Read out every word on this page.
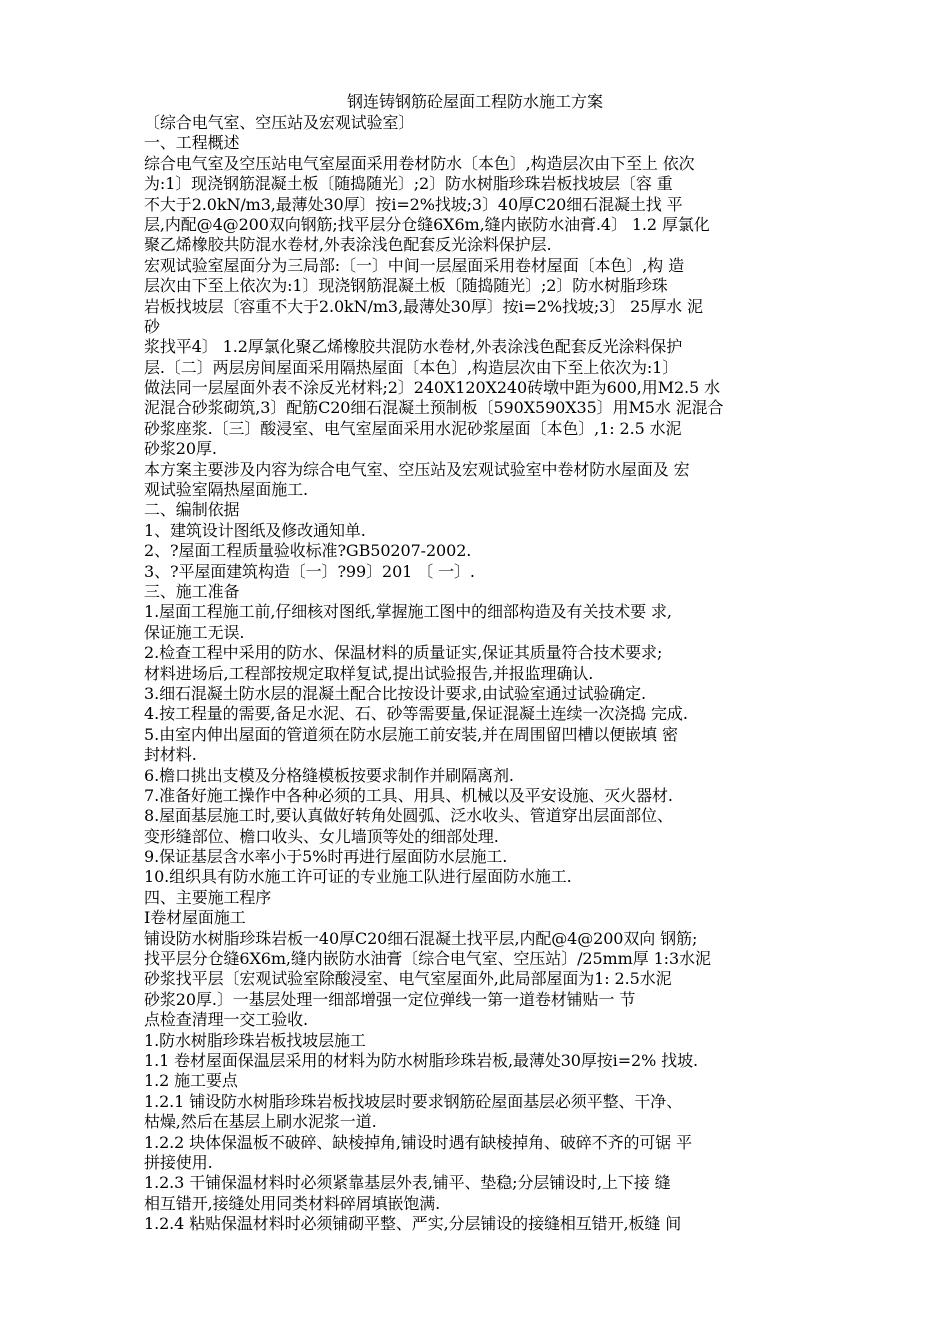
钢连铸钢筋砼屋面工程防水施工方案
〔综合电气室、空压站及宏观试验室〕
一、工程概述
综合电气室及空压站电气室屋面采用卷材防水〔本色〕,构造层次由下至上 依次
为:1〕现浇钢筋混凝土板〔随捣随光〕;2〕防水树脂珍珠岩板找坡层〔容 重
不大于2.0kN/m3,最薄处30厚〕按i=2%找坡;3〕40厚C20细石混凝土找 平
层,内配@4@200双向钢筋;找平层分仓缝6X6m,缝内嵌防水油膏.4〕 1.2 厚氯化
聚乙烯橡胶共防混水卷材,外表涂浅色配套反光涂料保护层.
宏观试验室屋面分为三局部:〔一〕中间一层屋面采用卷材屋面〔本色〕,构 造
层次由下至上依次为:1〕现浇钢筋混凝土板〔随捣随光〕;2〕防水树脂珍珠
岩板找坡层〔容重不大于2.0kN/m3,最薄处30厚〕按i=2%找坡;3〕 25厚水 泥
砂
浆找平4〕 1.2厚氯化聚乙烯橡胶共混防水卷材,外表涂浅色配套反光涂料保护
层.〔二〕两层房间屋面采用隔热屋面〔本色〕,构造层次由下至上依次为:1〕
做法同一层屋面外表不涂反光材料;2〕240X120X240砖墩中距为600,用M2.5 水
泥混合砂浆砌筑,3〕配筋C20细石混凝土预制板〔590X590X35〕用M5水 泥混合
砂浆座浆.〔三〕酸浸室、电气室屋面采用水泥砂浆屋面〔本色〕,1: 2.5 水泥
砂浆20厚.
本方案主要涉及内容为综合电气室、空压站及宏观试验室中卷材防水屋面及 宏
观试验室隔热屋面施工.
二、编制依据
1、建筑设计图纸及修改通知单.
2、?屋面工程质量验收标准?GB50207-2002.
3、?平屋面建筑构造〔一〕?99〕201 〔 一〕.
三、施工准备
1.屋面工程施工前,仔细核对图纸,掌握施工图中的细部构造及有关技术要 求,
保证施工无误.
2.检查工程中采用的防水、保温材料的质量证实,保证其质量符合技术要求;
材料进场后,工程部按规定取样复试,提出试验报告,并报监理确认.
3.细石混凝土防水层的混凝土配合比按设计要求,由试验室通过试验确定.
4.按工程量的需要,备足水泥、石、砂等需要量,保证混凝土连续一次浇捣 完成.
5.由室内伸出屋面的管道须在防水层施工前安装,并在周围留凹槽以便嵌填 密
封材料.
6.檐口挑出支模及分格缝模板按要求制作并刷隔离剂.
7.准备好施工操作中各种必须的工具、用具、机械以及平安设施、灭火器材.
8.屋面基层施工时,要认真做好转角处圆弧、泛水收头、管道穿出层面部位、
变形缝部位、檐口收头、女儿墙顶等处的细部处理.
9.保证基层含水率小于5%时再进行屋面防水层施工.
10.组织具有防水施工许可证的专业施工队进行屋面防水施工.
四、主要施工程序
I卷材屋面施工
铺设防水树脂珍珠岩板一40厚C20细石混凝土找平层,内配@4@200双向 钢筋;
找平层分仓缝6X6m,缝内嵌防水油膏〔综合电气室、空压站〕/25mm厚 1:3水泥
砂浆找平层〔宏观试验室除酸浸室、电气室屋面外,此局部屋面为1: 2.5水泥
砂浆20厚.〕一基层处理一细部增强一定位弹线一第一道卷材铺贴一 节
点检查清理一交工验收.
1.防水树脂珍珠岩板找坡层施工
1.1 卷材屋面保温层采用的材料为防水树脂珍珠岩板,最薄处30厚按i=2% 找坡.
1.2 施工要点
1.2.1 铺设防水树脂珍珠岩板找坡层时要求钢筋砼屋面基层必须平整、干净、
枯燥,然后在基层上刷水泥浆一道.
1.2.2 块体保温板不破碎、缺棱掉角,铺设时遇有缺棱掉角、破碎不齐的可锯 平
拼接使用.
1.2.3 干铺保温材料时必须紧靠基层外表,铺平、垫稳;分层铺设时,上下接 缝
相互错开,接缝处用同类材料碎屑填嵌饱满.
1.2.4 粘贴保温材料时必须铺砌平整、严实,分层铺设的接缝相互错开,板缝 间
